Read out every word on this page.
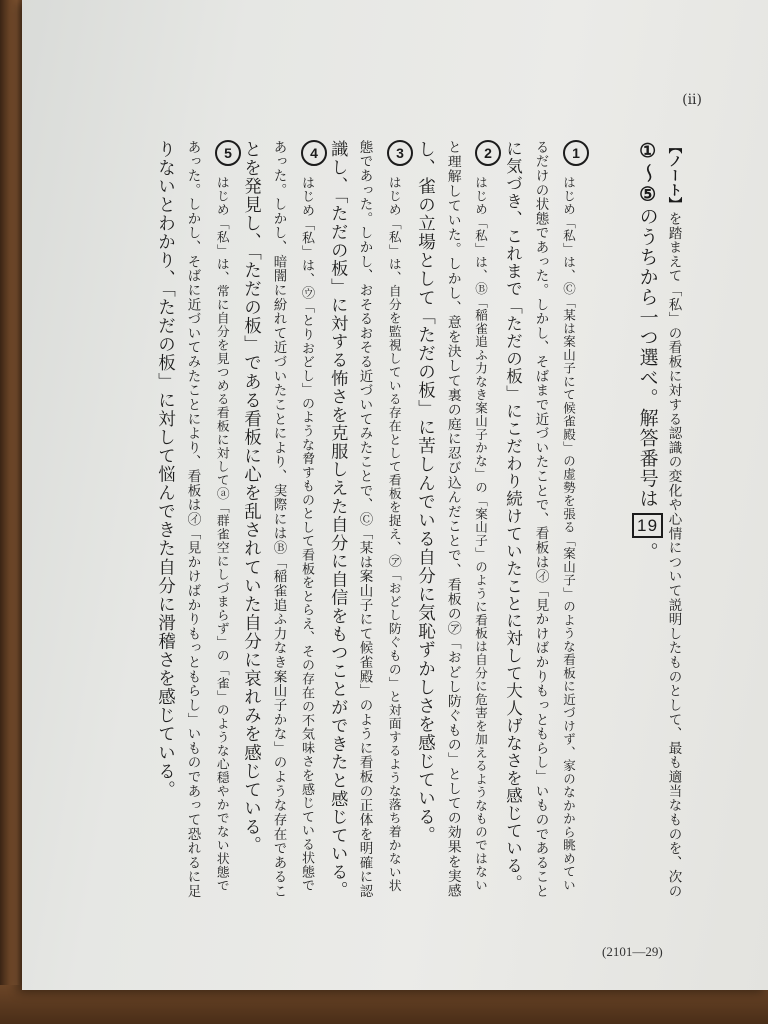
(ii)
【ノート】を踏まえて「私」の看板に対する認識の変化や心情について説明したものとして、最も適当なものを、次の
①〜⑤のうちから一つ選べ。解答番号は19。
1
はじめ「私」は、Ⓒ「某は案山子にて候雀殿」の虚勢を張る「案山子」のような看板に近づけず、家のなかから眺めてい
るだけの状態であった。しかし、そばまで近づいたことで、看板は㋑「見かけばかりもっともらし」いものであること
に気づき、これまで「ただの板」にこだわり続けていたことに対して大人げなさを感じている。
2
はじめ「私」は、Ⓑ「稲雀追ふ力なき案山子かな」の「案山子」のように看板は自分に危害を加えるようなものではない
と理解していた。しかし、意を決して裏の庭に忍び込んだことで、看板の㋐「おどし防ぐもの」としての効果を実感
し、雀の立場として「ただの板」に苦しんでいる自分に気恥ずかしさを感じている。
3
はじめ「私」は、自分を監視している存在として看板を捉え、㋐「おどし防ぐもの」と対面するような落ち着かない状
態であった。しかし、おそるおそる近づいてみたことで、Ⓒ「某は案山子にて候雀殿」のように看板の正体を明確に認
識し、「ただの板」に対する怖さを克服しえた自分に自信をもつことができたと感じている。
4
はじめ「私」は、㋒「とりおどし」のような脅すものとして看板をとらえ、その存在の不気味さを感じている状態で
あった。しかし、暗闇に紛れて近づいたことにより、実際にはⒷ「稲雀追ふ力なき案山子かな」のような存在であるこ
とを発見し、「ただの板」である看板に心を乱されていた自分に哀れみを感じている。
5
はじめ「私」は、常に自分を見つめる看板に対してⓐ「群雀空にしづまらず」の「雀」のような心穏やかでない状態で
あった。しかし、そばに近づいてみたことにより、看板は㋑「見かけばかりもっともらし」いものであって恐れるに足
りないとわかり、「ただの板」に対して悩んできた自分に滑稽さを感じている。
(2101—29)
